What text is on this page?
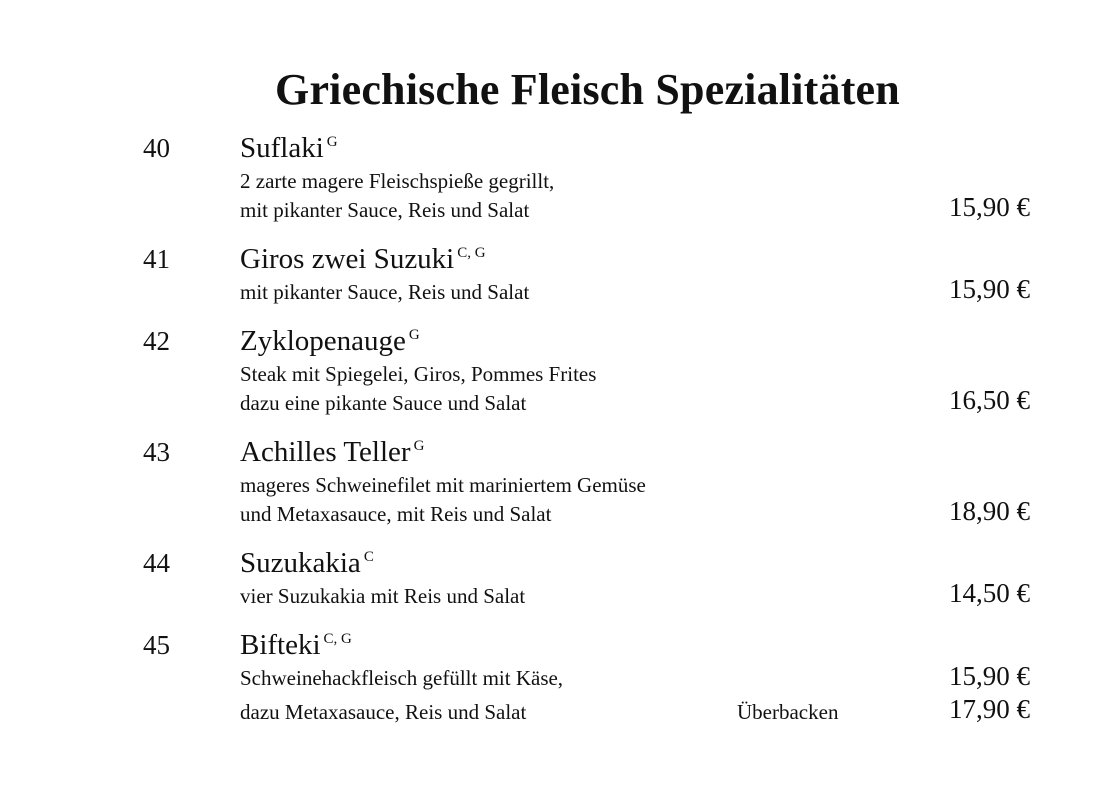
Griechische Fleisch Spezialitäten
40 Suflaki $^G$
2 zarte magere Fleischspieße gegrillt,
mit pikanter Sauce, Reis und Salat	15,90 €
41 Giros zwei Suzuki $^{C, G}$
mit pikanter Sauce, Reis und Salat	15,90 €
42 Zyklopenauge $^G$
Steak mit Spiegelei, Giros, Pommes Frites
dazu eine pikante Sauce und Salat	16,50 €
43 Achilles Teller $^G$
mageres Schweinefilet mit mariniertem Gemüse
und Metaxasauce, mit Reis und Salat	18,90 €
44 Suzukakia $^C$
vier Suzukakia mit Reis und Salat	14,50 €
45 Bifteki $^{C, G}$
Schweinehackfleisch gefüllt mit Käse,	15,90 €
dazu Metaxasauce, Reis und Salat	Überbacken	17,90 €
